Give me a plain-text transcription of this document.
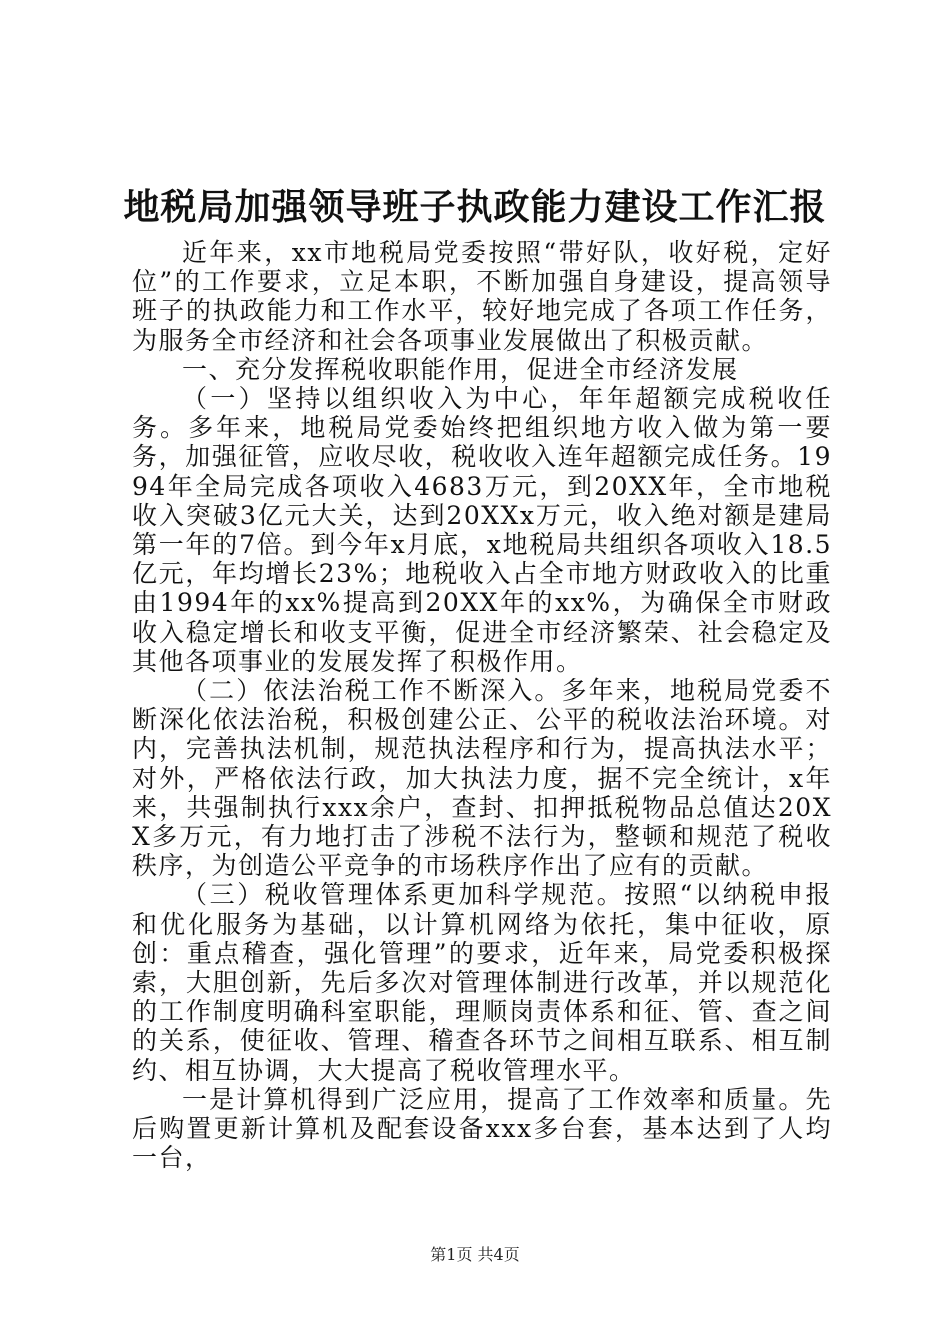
地税局加强领导班子执政能力建设工作汇报

近年来，xx市地税局党委按照“带好队，收好税，定好位”的工作要求，立足本职，不断加强自身建设，提高领导班子的执政能力和工作水平，较好地完成了各项工作任务，为服务全市经济和社会各项事业发展做出了积极贡献。

一、充分发挥税收职能作用，促进全市经济发展

（一）坚持以组织收入为中心，年年超额完成税收任务。多年来，地税局党委始终把组织地方收入做为第一要务，加强征管，应收尽收，税收收入连年超额完成任务。1994年全局完成各项收入4683万元，到20XX年，全市地税收入突破3亿元大关，达到20XXx万元，收入绝对额是建局第一年的7倍。到今年x月底，x地税局共组织各项收入18.5亿元，年均增长23%；地税收入占全市地方财政收入的比重由1994年的xx%提高到20XX年的xx%，为确保全市财政收入稳定增长和收支平衡，促进全市经济繁荣、社会稳定及其他各项事业的发展发挥了积极作用。

（二）依法治税工作不断深入。多年来，地税局党委不断深化依法治税，积极创建公正、公平的税收法治环境。对内，完善执法机制，规范执法程序和行为，提高执法水平；对外，严格依法行政，加大执法力度，据不完全统计，x年来，共强制执行xxx余户，查封、扣押抵税物品总值达20XX多万元，有力地打击了涉税不法行为，整顿和规范了税收秩序，为创造公平竞争的市场秩序作出了应有的贡献。

（三）税收管理体系更加科学规范。按照“以纳税申报和优化服务为基础，以计算机网络为依托，集中征收，原创：重点稽查，强化管理”的要求，近年来，局党委积极探索，大胆创新，先后多次对管理体制进行改革，并以规范化的工作制度明确科室职能，理顺岗责体系和征、管、查之间的关系，使征收、管理、稽查各环节之间相互联系、相互制约、相互协调，大大提高了税收管理水平。

一是计算机得到广泛应用，提高了工作效率和质量。先后购置更新计算机及配套设备xxx多台套，基本达到了人均一台，

第1页 共4页
